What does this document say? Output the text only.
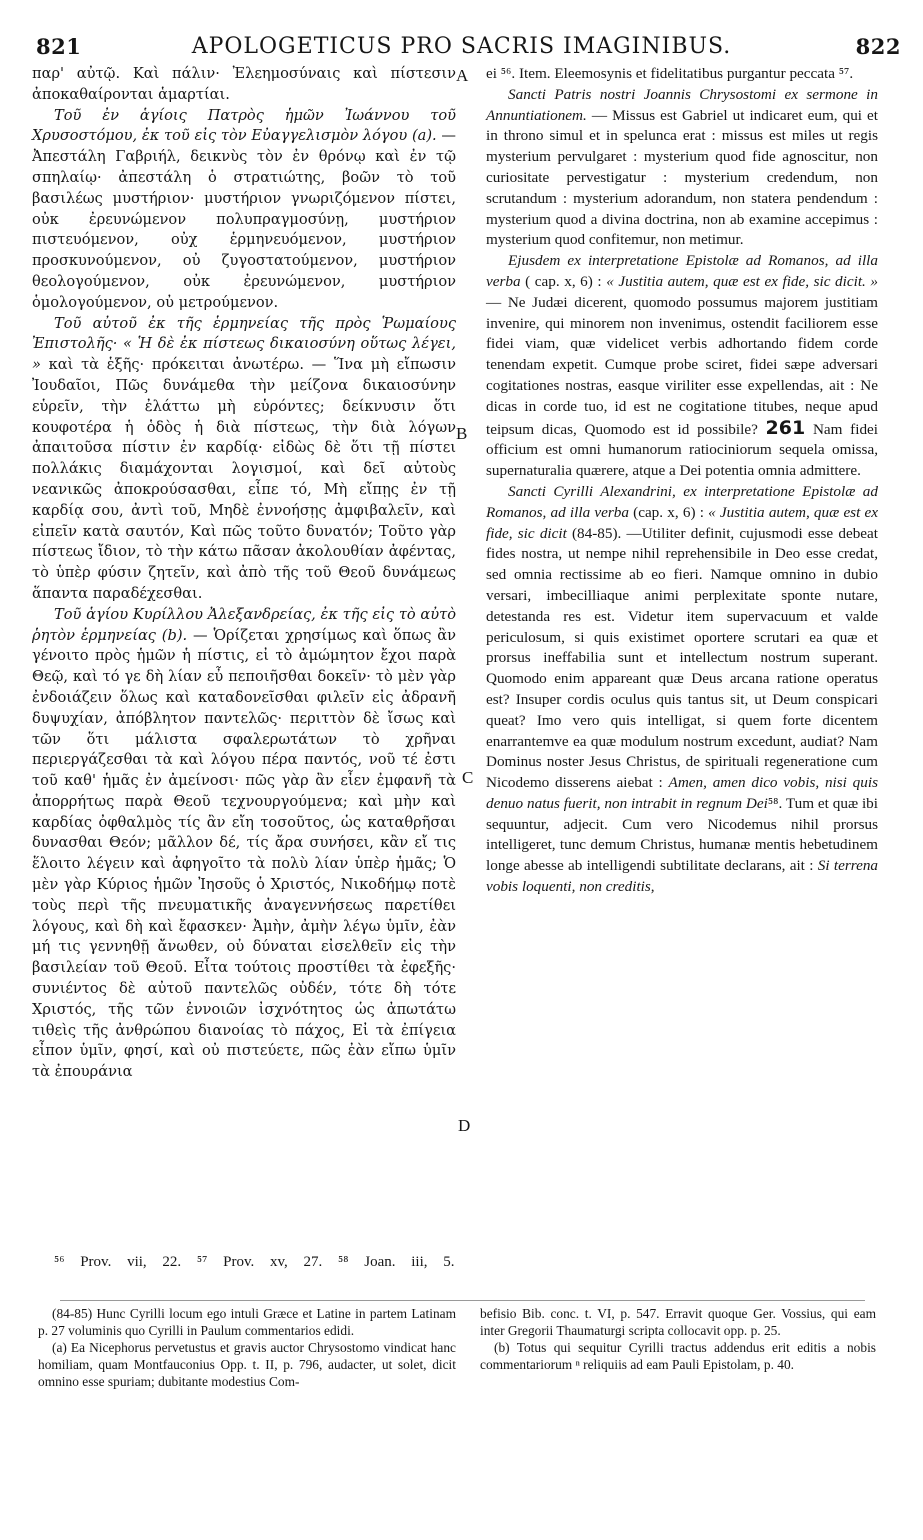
821	APOLOGETICUS PRO SACRIS IMAGINIBUS.	822
A
B
C
D

παρ' αὐτῷ. Καὶ πάλιν· Ἐλεημοσύναις καὶ πίστεσιν ἀποκαθαίρονται ἁμαρτίαι.

Τοῦ ἐν ἁγίοις Πατρὸς ἡμῶν Ἰωάννου τοῦ Χρυσοστόμου, ἐκ τοῦ εἰς τὸν Εὐαγγελισμὸν λόγου (a). — Ἀπεστάλη Γαβριήλ, δεικνὺς τὸν ἐν θρόνῳ καὶ ἐν τῷ σπηλαίῳ· ἀπεστάλη ὁ στρατιώτης, βοῶν τὸ τοῦ βασιλέως μυστήριον· μυστήριον γνωριζόμενον πίστει, οὐκ ἐρευνώμενον πολυπραγμοσύνῃ, μυστήριον πιστευόμενον, οὐχ ἑρμηνευόμενον, μυστήριον προσκυνούμενον, οὐ ζυγοστατούμενον, μυστήριον θεολογούμενον, οὐκ ἐρευνώμενον, μυστήριον ὁμολογούμενον, οὐ μετρούμενον.

Τοῦ αὐτοῦ ἐκ τῆς ἑρμηνείας τῆς πρὸς Ῥωμαίους Ἐπιστολῆς· « Ἡ δὲ ἐκ πίστεως δικαιοσύνη οὕτως λέγει, » καὶ τὰ ἑξῆς· πρόκειται ἀνωτέρω. — Ἵνα μὴ εἴπωσιν Ἰουδαῖοι, Πῶς δυνάμεθα τὴν μείζονα δικαιοσύνην εὑρεῖν, τὴν ἐλάττω μὴ εὑρόντες; δείκνυσιν ὅτι κουφοτέρα ἡ ὁδὸς ἡ διὰ πίστεως, τὴν διὰ λόγων ἀπαιτοῦσα πίστιν ἐν καρδίᾳ· εἰδὼς δὲ ὅτι τῇ πίστει πολλάκις διαμάχονται λογισμοί, καὶ δεῖ αὐτοὺς νεανικῶς ἀποκρούσασθαι, εἶπε τό, Μὴ εἴπῃς ἐν τῇ καρδίᾳ σου, ἀντὶ τοῦ, Μηδὲ ἐννοήσῃς ἀμφιβαλεῖν, καὶ εἰπεῖν κατὰ σαυτόν, Καὶ πῶς τοῦτο δυνατόν; Τοῦτο γὰρ πίστεως ἴδιον, τὸ τὴν κάτω πᾶσαν ἀκολουθίαν ἀφέντας, τὸ ὑπὲρ φύσιν ζητεῖν, καὶ ἀπὸ τῆς τοῦ Θεοῦ δυνάμεως ἅπαντα παραδέχεσθαι.

Τοῦ ἁγίου Κυρίλλου Ἀλεξανδρείας, ἐκ τῆς εἰς τὸ αὐτὸ ῥητὸν ἑρμηνείας (b). — Ὁρίζεται χρησίμως καὶ ὅπως ἂν γένοιτο πρὸς ἡμῶν ἡ πίστις, εἰ τὸ ἀμώμητον ἔχοι παρὰ Θεῷ, καὶ τό γε δὴ λίαν εὖ πεποιῆσθαι δοκεῖν· τὸ μὲν γὰρ ἐνδοιάζειν ὅλως καὶ καταδονεῖσθαι φιλεῖν εἰς ἀδρανῆ δυψυχίαν, ἀπόβλητον παντελῶς· περιττὸν δὲ ἴσως καὶ τῶν ὅτι μάλιστα σφαλερωτάτων τὸ χρῆναι περιεργάζεσθαι τὰ καὶ λόγου πέρα παντός, νοῦ τέ ἐστι τοῦ καθ' ἡμᾶς ἐν ἀμείνοσι· πῶς γὰρ ἂν εἶεν ἐμφανῆ τὰ ἀπορρήτως παρὰ Θεοῦ τεχνουργούμενα; καὶ μὴν καὶ καρδίας ὀφθαλμὸς τίς ἂν εἴη τοσοῦτος, ὡς καταθρῆσαι δυνασθαι Θεόν; μᾶλλον δέ, τίς ἄρα συνήσει, κἂν εἴ τις ἕλοιτο λέγειν καὶ ἀφηγοῖτο τὰ πολὺ λίαν ὑπὲρ ἡμᾶς; Ὁ μὲν γὰρ Κύριος ἡμῶν Ἰησοῦς ὁ Χριστός, Νικοδήμῳ ποτὲ τοὺς περὶ τῆς πνευματικῆς ἀναγεννήσεως παρετίθει λόγους, καὶ δὴ καὶ ἔφασκεν· Ἀμὴν, ἀμὴν λέγω ὑμῖν, ἐὰν μή τις γεννηθῇ ἄνωθεν, οὐ δύναται εἰσελθεῖν εἰς τὴν βασιλείαν τοῦ Θεοῦ. Εἶτα τούτοις προστίθει τὰ ἐφεξῆς· συνιέντος δὲ αὐτοῦ παντελῶς οὐδέν, τότε δὴ τότε Χριστός, τῆς τῶν ἐννοιῶν ἰσχνότητος ὡς ἀπωτάτω τιθεὶς τῆς ἀνθρώπου διανοίας τὸ πάχος, Εἰ τὰ ἐπίγεια εἶπον ὑμῖν, φησί, καὶ οὐ πιστεύετε, πῶς ἐὰν εἴπω ὑμῖν τὰ ἐπουράνια

ei ⁵⁶. Item. Eleemosynis et fidelitatibus purgantur peccata ⁵⁷.

Sancti Patris nostri Joannis Chrysostomi ex sermone in Annuntiationem. — Missus est Gabriel ut indicaret eum, qui et in throno simul et in spelunca erat : missus est miles ut regis mysterium pervulgaret : mysterium quod fide agnoscitur, non curiositate pervestigatur : mysterium credendum, non scrutandum : mysterium adorandum, non statera pendendum : mysterium quod a divina doctrina, non ab examine accepimus : mysterium quod confitemur, non metimur.

Ejusdem ex interpretatione Epistolæ ad Romanos, ad illa verba ( cap. x, 6) : « Justitia autem, quæ est ex fide, sic dicit. » — Ne Judæi dicerent, quomodo possumus majorem justitiam invenire, qui minorem non invenimus, ostendit faciliorem esse fidei viam, quæ videlicet verbis adhortando fidem corde tenendam expetit. Cumque probe sciret, fidei sæpe adversari cogitationes nostras, easque viriliter esse expellendas, ait : Ne dicas in corde tuo, id est ne cogitatione titubes, neque apud teipsum dicas, Quomodo est id possibile? 261 Nam fidei officium est omni humanorum ratiociniorum sequela omissa, supernaturalia quærere, atque a Dei potentia omnia admittere.

Sancti Cyrilli Alexandrini, ex interpretatione Epistolæ ad Romanos, ad illa verba (cap. x, 6) : « Justitia autem, quæ est ex fide, sic dicit (84-85). —Utiliter definit, cujusmodi esse debeat fides nostra, ut nempe nihil reprehensibile in Deo esse credat, sed omnia rectissime ab eo fieri. Namque omnino in dubio versari, imbecilliaque animi perplexitate sponte nutare, detestanda res est. Videtur item supervacuum et valde periculosum, si quis existimet oportere scrutari ea quæ et prorsus ineffabilia sunt et intellectum nostrum superant. Quomodo enim appareant quæ Deus arcana ratione operatus est? Insuper cordis oculus quis tantus sit, ut Deum conspicari queat? Imo vero quis intelligat, si quem forte dicentem enarrantemve ea quæ modulum nostrum excedunt, audiat? Nam Dominus noster Jesus Christus, de spirituali regeneratione cum Nicodemo disserens aiebat : Amen, amen dico vobis, nisi quis denuo natus fuerit, non intrabit in regnum Dei⁵⁸. Tum et quæ ibi sequuntur, adjecit. Cum vero Nicodemus nihil prorsus intelligeret, tunc demum Christus, humanæ mentis hebetudinem longe abesse ab intelligendi subtilitate declarans, ait : Si terrena vobis loquenti, non creditis,

⁵⁶ Prov. vii, 22. ⁵⁷ Prov. xv, 27. ⁵⁸ Joan. iii, 5.

(84-85) Hunc Cyrilli locum ego intuli Græce et Latine in partem Latinam p. 27 voluminis quo Cyrilli in Paulum commentarios edidi.

(a) Ea Nicephorus pervetustus et gravis auctor Chrysostomo vindicat hanc homiliam, quam Montfauconius Opp. t. II, p. 796, audacter, ut solet, dicit omnino esse spuriam; dubitante modestius Com-

befisio Bib. conc. t. VI, p. 547. Erravit quoque Ger. Vossius, qui eam inter Gregorii Thaumaturgi scripta collocavit opp. p. 25.

(b) Totus qui sequitur Cyrilli tractus addendus erit editis a nobis commentariorum ⁿ reliquiis ad eam Pauli Epistolam, p. 40.
